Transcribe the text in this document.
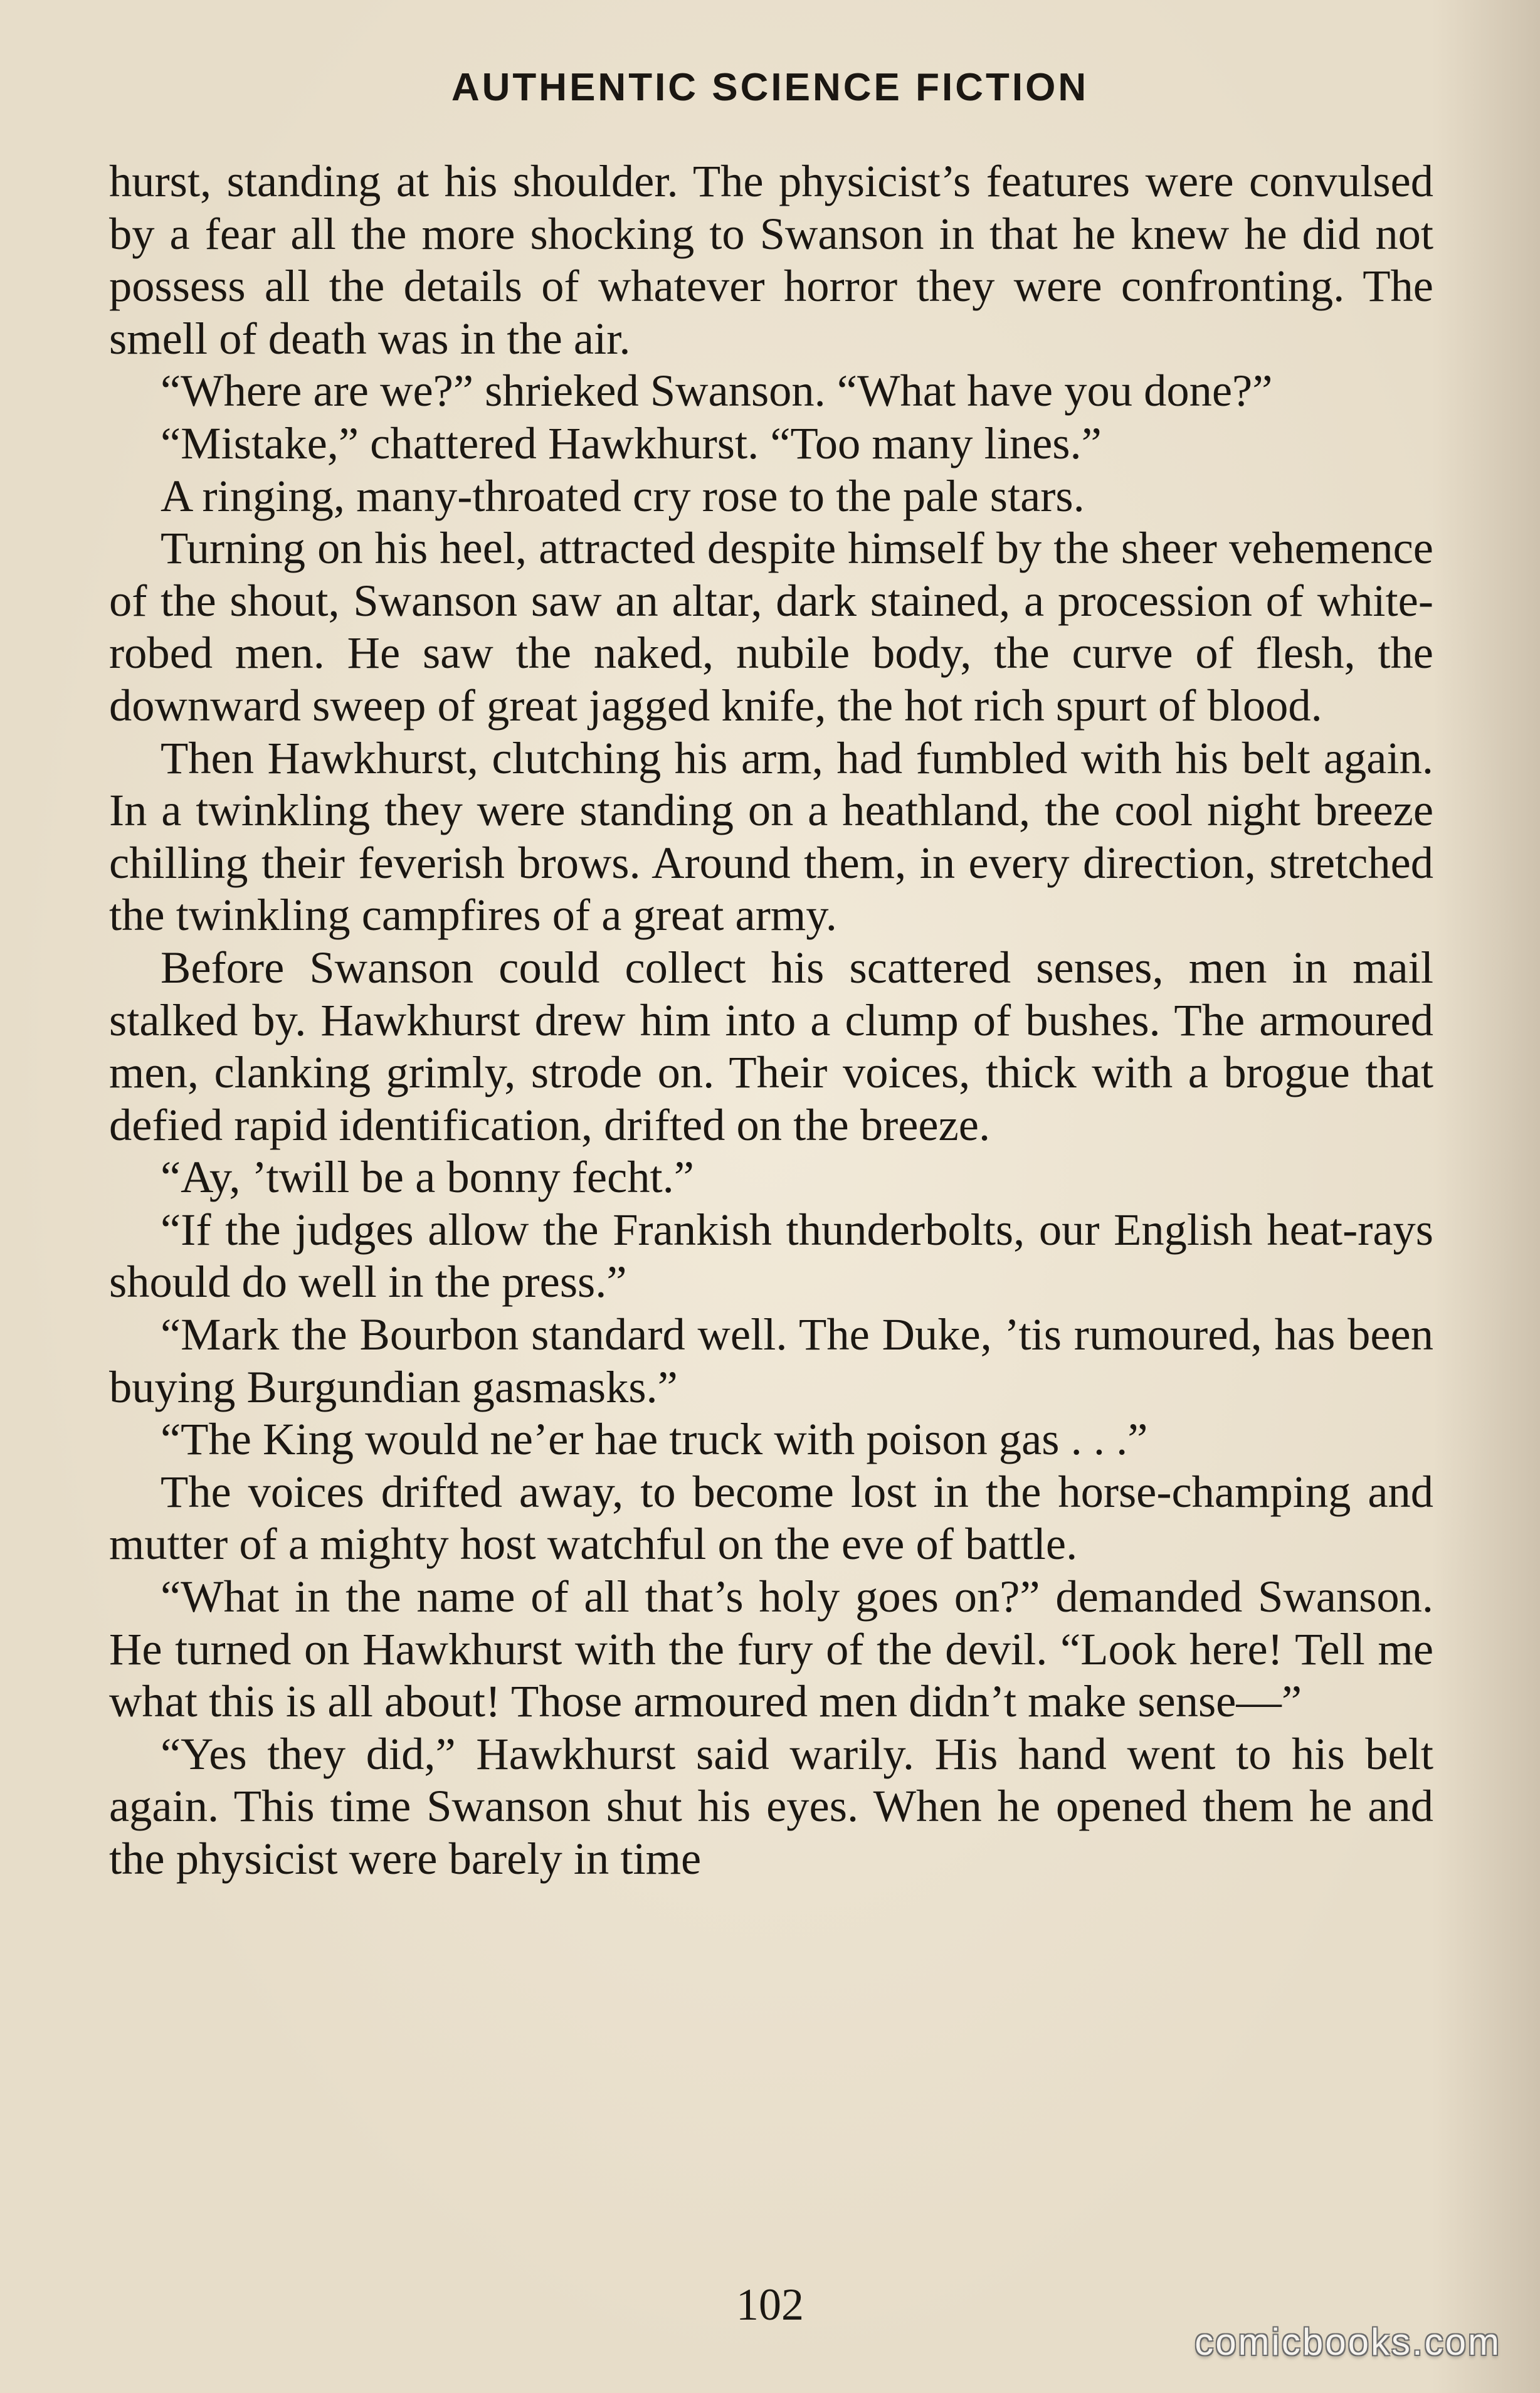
AUTHENTIC SCIENCE FICTION

hurst, standing at his shoulder. The physicist’s features were convulsed by a fear all the more shocking to Swanson in that he knew he did not possess all the details of whatever horror they were confronting. The smell of death was in the air.

“Where are we?” shrieked Swanson. “What have you done?”

“Mistake,” chattered Hawkhurst. “Too many lines.”

A ringing, many-throated cry rose to the pale stars.

Turning on his heel, attracted despite himself by the sheer vehemence of the shout, Swanson saw an altar, dark stained, a procession of white-robed men. He saw the naked, nubile body, the curve of flesh, the downward sweep of great jagged knife, the hot rich spurt of blood.

Then Hawkhurst, clutching his arm, had fumbled with his belt again. In a twinkling they were standing on a heathland, the cool night breeze chilling their feverish brows. Around them, in every direction, stretched the twinkling campfires of a great army.

Before Swanson could collect his scattered senses, men in mail stalked by. Hawkhurst drew him into a clump of bushes. The armoured men, clanking grimly, strode on. Their voices, thick with a brogue that defied rapid identification, drifted on the breeze.

“Ay, ’twill be a bonny fecht.”

“If the judges allow the Frankish thunderbolts, our English heat-rays should do well in the press.”

“Mark the Bourbon standard well. The Duke, ’tis rumoured, has been buying Burgundian gasmasks.”

“The King would ne’er hae truck with poison gas . . .”

The voices drifted away, to become lost in the horse-champing and mutter of a mighty host watchful on the eve of battle.

“What in the name of all that’s holy goes on?” demanded Swanson. He turned on Hawkhurst with the fury of the devil. “Look here! Tell me what this is all about! Those armoured men didn’t make sense—”

“Yes they did,” Hawkhurst said warily. His hand went to his belt again. This time Swanson shut his eyes. When he opened them he and the physicist were barely in time

102
comicbooks.com
